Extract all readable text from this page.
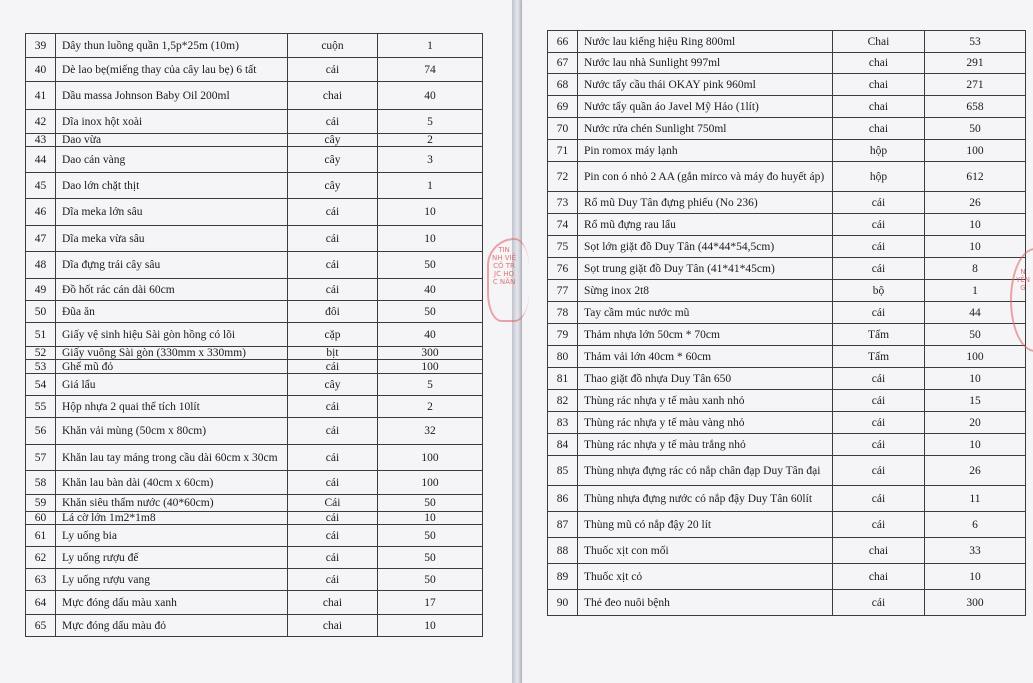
39	Dây thun luồng quần 1,5p*25m (10m)	cuộn	1
40	Dè lao bẹ(miếng thay của cây lau bẹ) 6 tất	cái	74
41	Dầu massa Johnson Baby Oil 200ml	chai	40
42	Dĩa inox hột xoài	cái	5
43	Dao vừa	cây	2
44	Dao cán vàng	cây	3
45	Dao lớn chặt thịt	cây	1
46	Dĩa meka lớn sâu	cái	10
47	Dĩa meka vừa sâu	cái	10
48	Dĩa đựng trái cây sâu	cái	50
49	Đồ hốt rác cán dài 60cm	cái	40
50	Đũa ăn	đôi	50
51	Giấy vệ sinh hiệu Sài gòn hồng có lõi	cặp	40
52	Giấy vuông Sài gòn (330mm x 330mm)	bịt	300
53	Ghế mũ đỏ	cái	100
54	Giá lẩu	cây	5
55	Hộp nhựa 2 quai thể tích 10lít	cái	2
56	Khăn vải mùng (50cm x 80cm)	cái	32
57	Khăn lau tay máng trong cầu dài 60cm x 30cm	cái	100
58	Khăn lau bàn dài (40cm x 60cm)	cái	100
59	Khăn siêu thấm nước (40*60cm)	Cái	50
60	Lá cờ lớn 1m2*1m8	cái	10
61	Ly uống bia	cái	50
62	Ly uống rượu đế	cái	50
63	Ly uống rượu vang	cái	50
64	Mực đóng dấu màu xanh	chai	17
65	Mực đóng dấu màu đỏ	chai	10
66	Nước lau kiếng hiệu Ring 800ml	Chai	53
67	Nước lau nhà Sunlight 997ml	chai	291
68	Nước tẩy cầu thái OKAY pink 960ml	chai	271
69	Nước tẩy quần áo Javel Mỹ Hảo (1lít)	chai	658
70	Nước rửa chén Sunlight 750ml	chai	50
71	Pin romox máy lạnh	hộp	100
72	Pin con ó nhỏ 2 AA (gắn mirco và máy đo huyết áp)	hộp	612
73	Rổ mũ Duy Tân đựng phiếu (No 236)	cái	26
74	Rổ mũ đựng rau lẩu	cái	10
75	Sọt lớn giặt đồ Duy Tân (44*44*54,5cm)	cái	10
76	Sọt trung giặt đồ Duy Tân (41*41*45cm)	cái	8
77	Sừng inox 2t8	bộ	1
78	Tay cầm múc nước mũ	cái	44
79	Thảm nhựa lớn 50cm * 70cm	Tấm	50
80	Thảm vải lớn 40cm * 60cm	Tấm	100
81	Thao giặt đồ nhựa Duy Tân 650	cái	10
82	Thùng rác nhựa y tế màu xanh nhỏ	cái	15
83	Thùng rác nhựa y tế màu vàng nhỏ	cái	20
84	Thùng rác nhựa y tế màu trắng nhỏ	cái	10
85	Thùng nhựa đựng rác có nắp chân đạp Duy Tân đại	cái	26
86	Thùng nhựa đựng nước có nắp đậy Duy Tân 60lít	cái	11
87	Thùng mũ có nắp đậy 20 lít	cái	6
88	Thuốc xịt con mối	chai	33
89	Thuốc xịt cỏ	chai	10
90	Thẻ đeo nuôi bệnh	cái	300
TIN
NH VIỆ
CÔ TR
JC HỌ
C NĂN
N
YÊN
G
